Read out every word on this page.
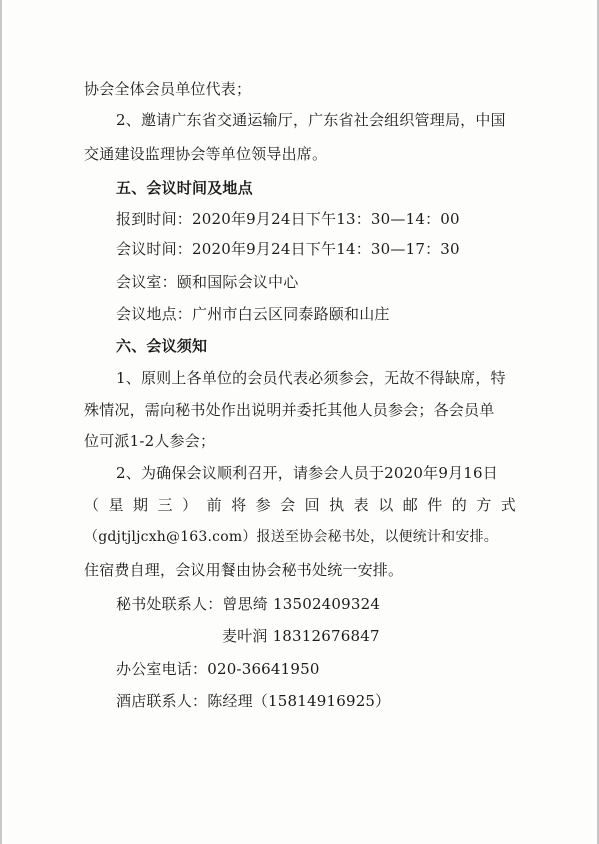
协会全体会员单位代表；
2、邀请广东省交通运输厅，广东省社会组织管理局，中国
交通建设监理协会等单位领导出席。
五、会议时间及地点
报到时间：2020年9月24日下午13：30—14：00
会议时间：2020年9月24日下午14：30—17：30
会议室：颐和国际会议中心
会议地点：广州市白云区同泰路颐和山庄
六、会议须知
1、原则上各单位的会员代表必须参会，无故不得缺席，特
殊情况，需向秘书处作出说明并委托其他人员参会；各会员单
位可派1-2人参会；
2、为确保会议顺利召开，请参会人员于2020年9月16日
（ 星 期 三 ） 前 将 参 会 回 执 表 以 邮 件 的 方 式
（gdjtjljcxh@163.com）报送至协会秘书处，以便统计和安排。
住宿费自理，会议用餐由协会秘书处统一安排。
秘书处联系人：曾思绮 13502409324
麦叶润 18312676847
办公室电话：020-36641950
酒店联系人：陈经理（15814916925）
